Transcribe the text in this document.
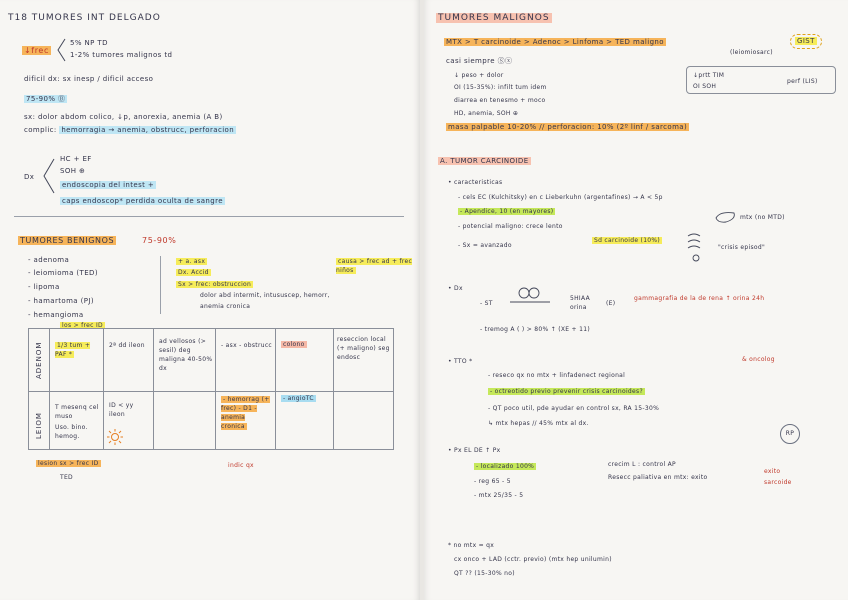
T18 TUMORES INT DELGADO
↓frec
5% NP TD
1-2% tumores malignos td
dificil dx: sx inesp / dificil acceso
75-90% Ⓑ
sx: dolor abdom colico, ↓p, anorexia, anemia (A B)
complic: hemorragia → anemia, obstrucc, perforacion
Dx
HC + EF
SOH ⊕
endoscopia del intest +
caps endoscop* perdida oculta de sangre
TUMORES BENIGNOS	75-90%
- adenoma
- leiomioma (TED)
- lipoma
- hamartoma (PJ)
- hemangioma
+ a. asx
Dx. Accid
Sx > frec: obstruccion
dolor abd intermit, intususcep, hemorr,
anemia cronica
causa > frec ad + frec niños
los > frec ID
ADENOM
LEIOM
1/3 tum + PAF *
2ª dd ileon
ad vellosos (> sesil) deg maligna 40-50% dx
- asx - obstrucc	colono
reseccion local (+ maligno) seg endosc
T mesenq cel muso
Uso. bino. hemog.
ID < yy ileon
- hemorrag (+ frec) - D1 - anemia cronica
- angioTC
lesion sx > frec ID
TED
indic qx
TUMORES MALIGNOS
MTX > T carcinoide > Adenoc > Linfoma > TED maligno
(leiomiosarc)
GIST
casi siempre Ⓢⓧ
↓ peso + dolor
OI (15-35%): infilt tum idem
diarrea en tenesmo + moco
HD, anemia, SOH ⊕
masa palpable 10-20% // perforacion: 10% (2º linf / sarcoma)
↓prtt TIM
OI SOH
perf (LIS)
A. TUMOR CARCINOIDE
• caracteristicas
- cels EC (Kulchitsky) en c Lieberkuhn (argentafines) → A < 5p
- Apendice, 10 (en mayores)
- potencial maligno: crece lento
- Sx = avanzado
mtx (no MTD)
Sd carcinoide (10%)
"crisis episod"
• Dx
- ST
5HIAA orina
(E)
gammagrafia de la de rena ↑ orina 24h
- tremog A ( ) > 80% ↑ (XE + 11)
• TTO *
- reseco qx no mtx + linfadenect regional
& oncolog
- octreotido previo prevenir crisis carcinoides?
- QT poco util, pde ayudar en control sx, RA 15-30%
↳ mtx hepas // 45% mtx al dx.
RP
• Px EL DE ↑ Px
- localizado 100%
- reg 65 - 5
- mtx 25/35 - 5
crecim L : control AP
Resecc paliativa en mtx: exito
exito
sarcoide
* no mtx = qx
cx onco + LAD (cctr. previo) (mtx hep unilumin)
QT ?? (15-30% no)
